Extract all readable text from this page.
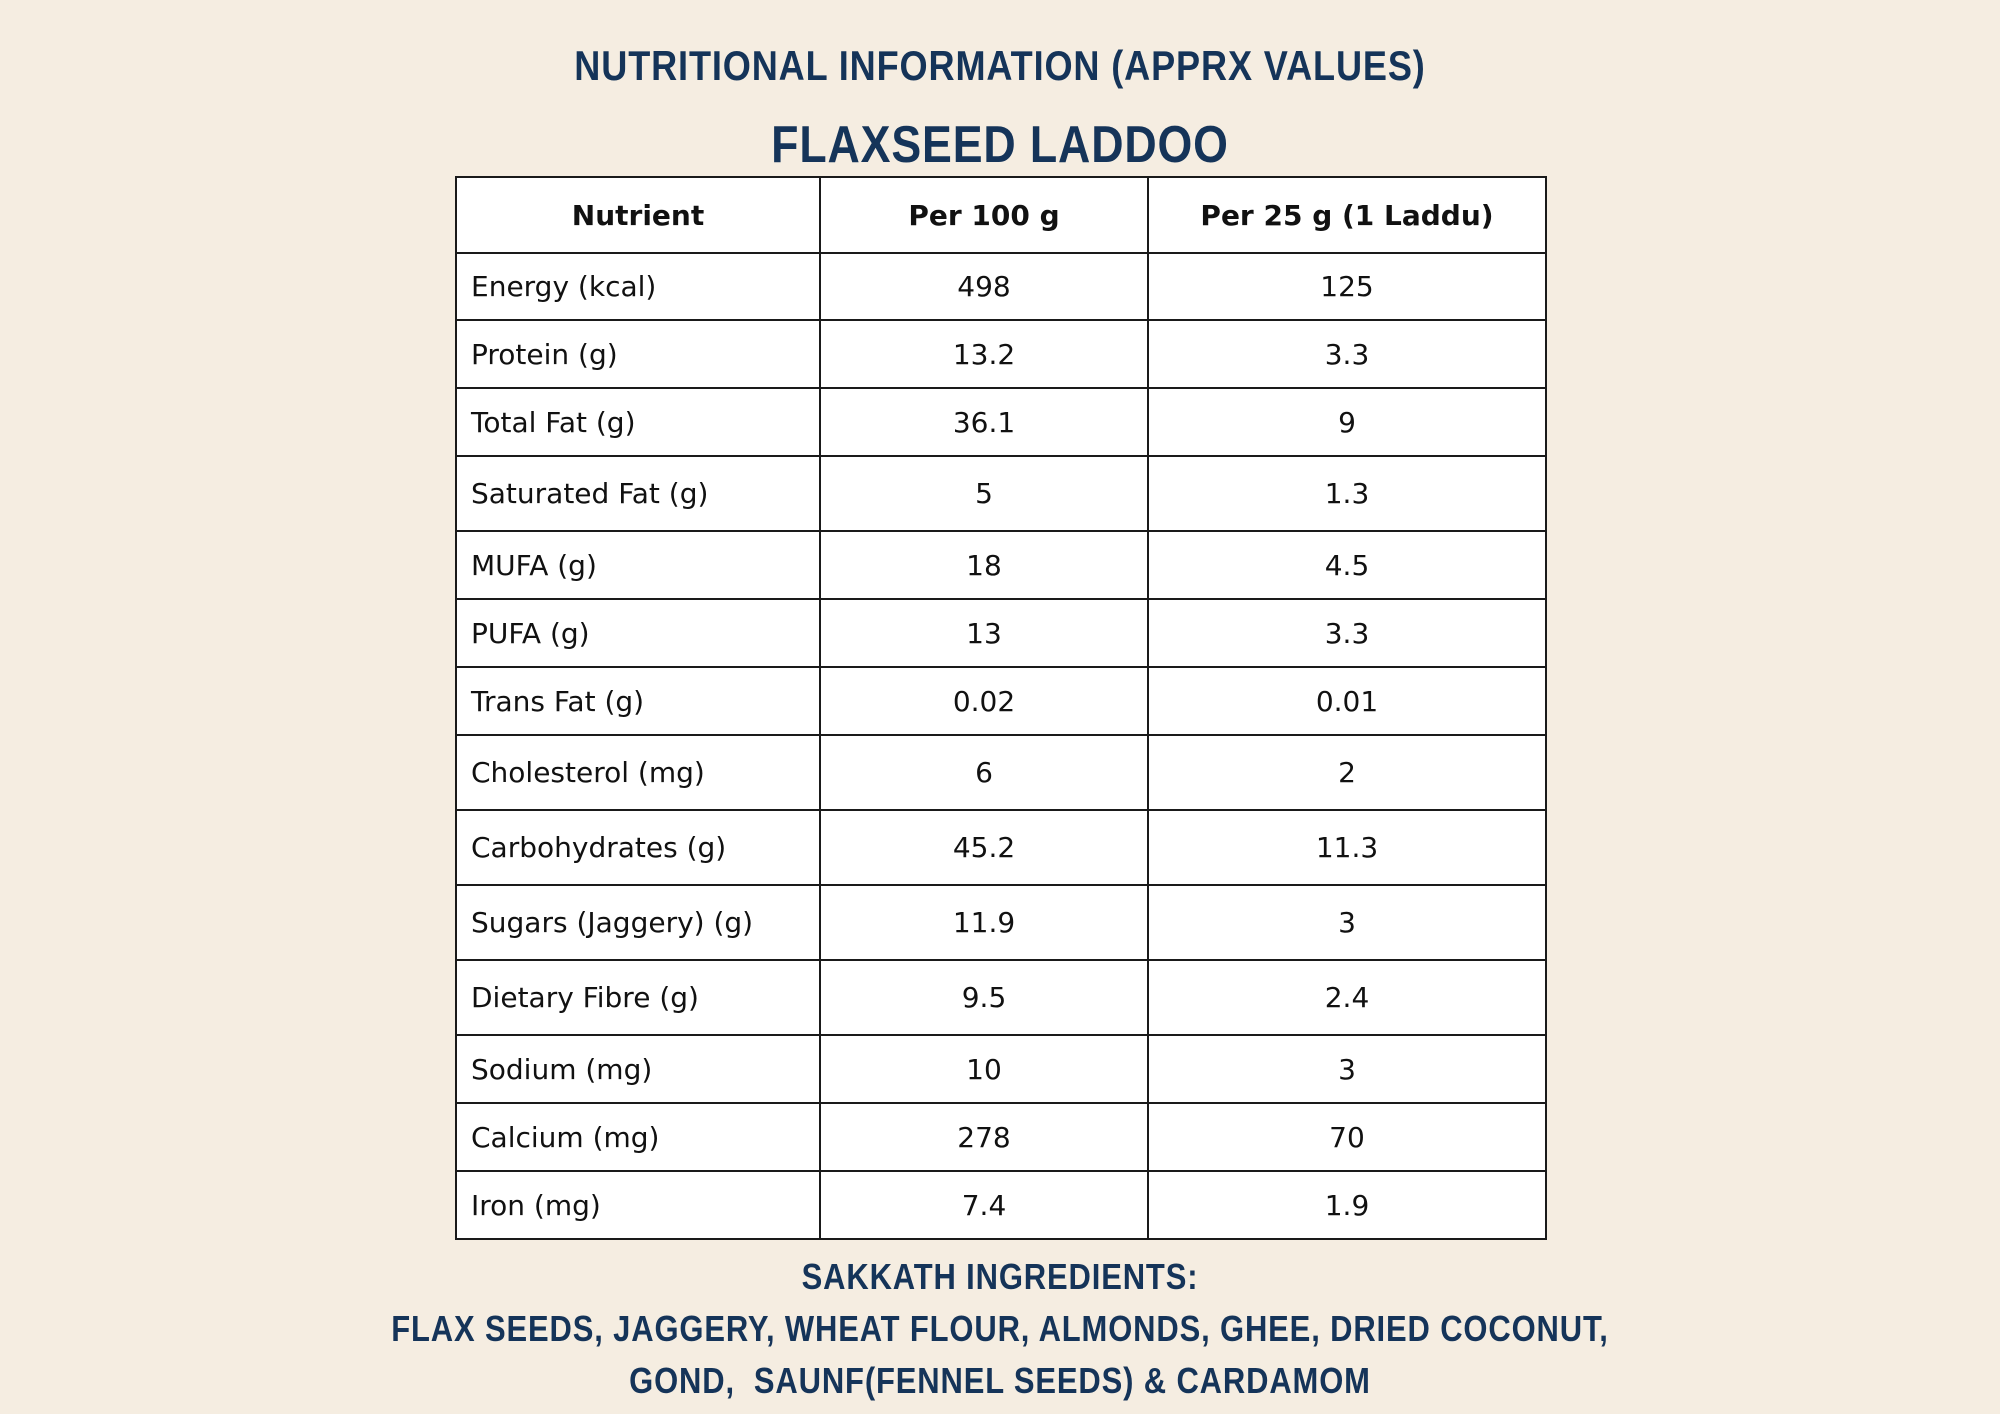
NUTRITIONAL INFORMATION (APPRX VALUES)
FLAXSEED LADDOO
Nutrient	Per 100 g	Per 25 g (1 Laddu)
Energy (kcal)	498	125
Protein (g)	13.2	3.3
Total Fat (g)	36.1	9
Saturated Fat (g)	5	1.3
MUFA (g)	18	4.5
PUFA (g)	13	3.3
Trans Fat (g)	0.02	0.01
Cholesterol (mg)	6	2
Carbohydrates (g)	45.2	11.3
Sugars (Jaggery) (g)	11.9	3
Dietary Fibre (g)	9.5	2.4
Sodium (mg)	10	3
Calcium (mg)	278	70
Iron (mg)	7.4	1.9
SAKKATH INGREDIENTS:
FLAX SEEDS, JAGGERY, WHEAT FLOUR, ALMONDS, GHEE, DRIED COCONUT,
GOND,  SAUNF(FENNEL SEEDS) & CARDAMOM
